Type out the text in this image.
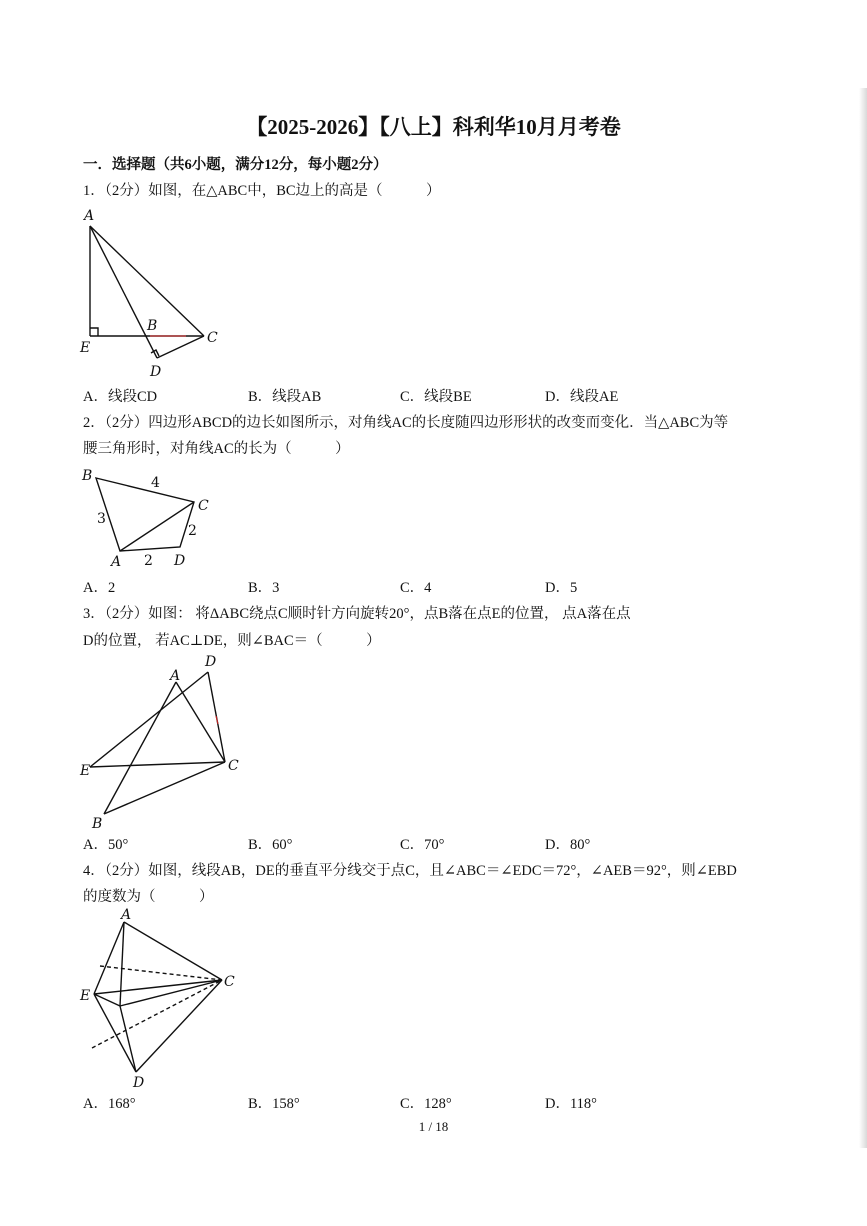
【2025-2026】【八上】科利华10月月考卷
一．选择题（共6小题，满分12分，每小题2分）
1．（2分）如图，在△ABC中，BC边上的高是（　　　）
A
B
C
D
E
A．线段CD	B．线段AB	C．线段BE	D．线段AE
2．（2分）四边形ABCD的边长如图所示，对角线AC的长度随四边形形状的改变而变化．当△ABC为等
腰三角形时，对角线AC的长为（　　　）
B
C
D
A
3
4
2
2
A．2	B．3	C．4	D．5
3．（2分）如图： 将ΔABC绕点C顺时针方向旋转20°，点B落在点E的位置， 点A落在点
D的位置， 若AC⊥DE，则∠BAC＝（　　　）
A
D
C
E
B
A．50°	B．60°	C．70°	D．80°
4．（2分）如图，线段AB，DE的垂直平分线交于点C，且∠ABC＝∠EDC＝72°，∠AEB＝92°，则∠EBD
的度数为（　　　）
A
C
E
D
A．168°	B．158°	C．128°	D．118°
1 / 18
